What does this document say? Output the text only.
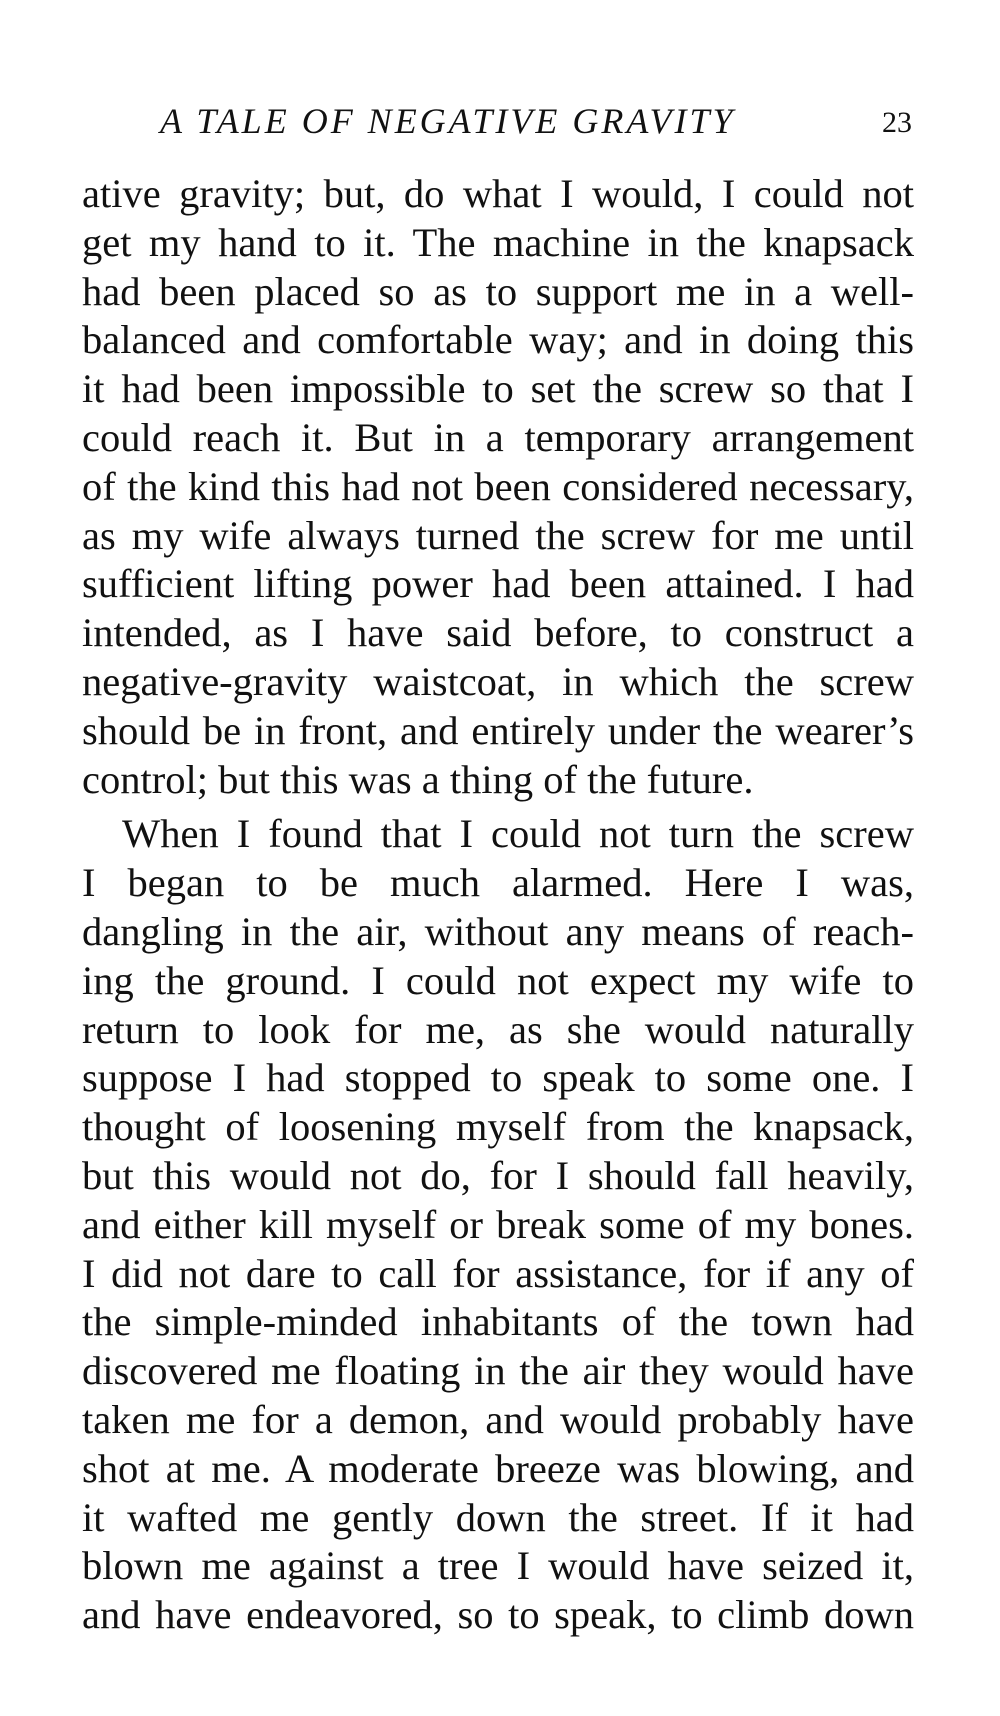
A TALE OF NEGATIVE GRAVITY	23
ative gravity; but, do what I would, I could not
get my hand to it. The machine in the knapsack
had been placed so as to support me in a well-
balanced and comfortable way; and in doing this
it had been impossible to set the screw so that I
could reach it. But in a temporary arrangement
of the kind this had not been considered necessary,
as my wife always turned the screw for me until
sufficient lifting power had been attained. I had
intended, as I have said before, to construct a
negative-gravity waistcoat, in which the screw
should be in front, and entirely under the wearer’s
control; but this was a thing of the future.
When I found that I could not turn the screw
I began to be much alarmed. Here I was,
dangling in the air, without any means of reach-
ing the ground. I could not expect my wife to
return to look for me, as she would naturally
suppose I had stopped to speak to some one. I
thought of loosening myself from the knapsack,
but this would not do, for I should fall heavily,
and either kill myself or break some of my bones.
I did not dare to call for assistance, for if any of
the simple-minded inhabitants of the town had
discovered me floating in the air they would have
taken me for a demon, and would probably have
shot at me. A moderate breeze was blowing, and
it wafted me gently down the street. If it had
blown me against a tree I would have seized it,
and have endeavored, so to speak, to climb down
